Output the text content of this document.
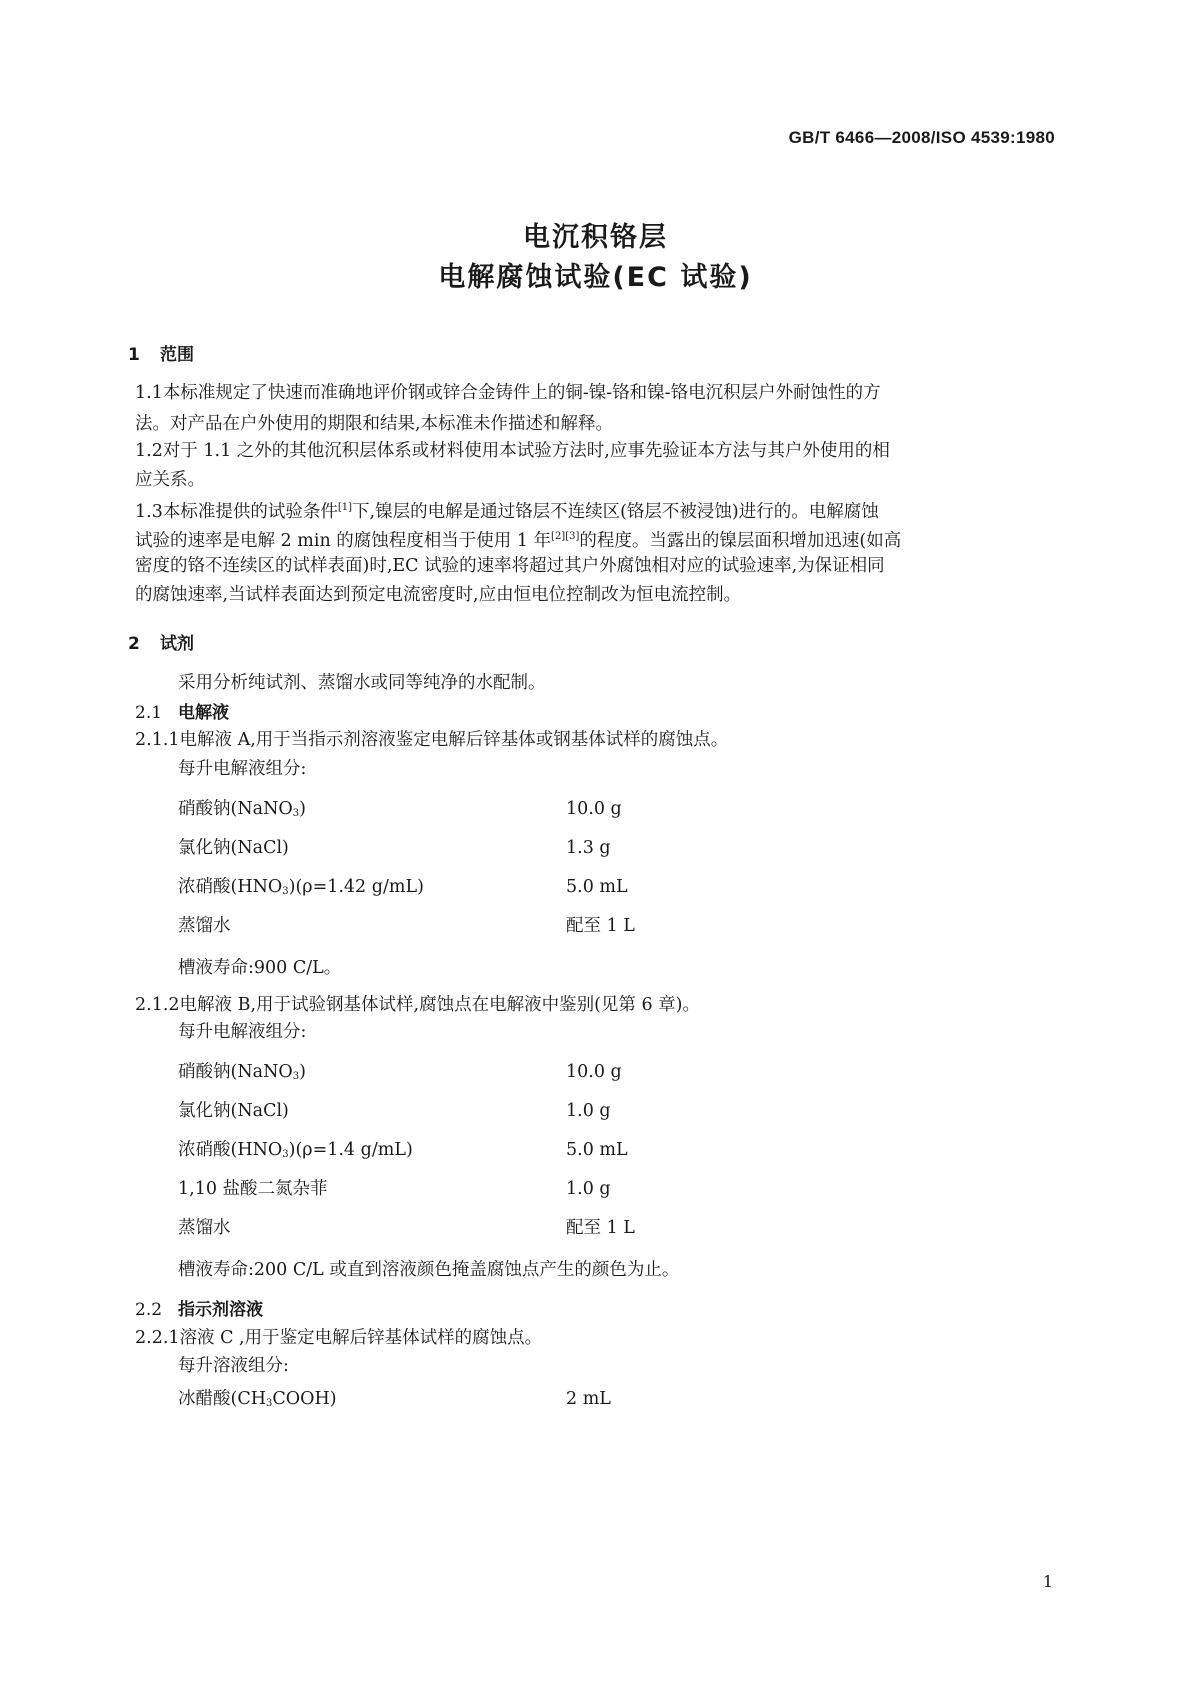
GB/T 6466—2008/ISO 4539:1980
电沉积铬层
电解腐蚀试验(EC 试验)
1 范围
1.1本标准规定了快速而准确地评价钢或锌合金铸件上的铜-镍-铬和镍-铬电沉积层户外耐蚀性的方
法。对产品在户外使用的期限和结果,本标准未作描述和解释。
1.2对于 1.1 之外的其他沉积层体系或材料使用本试验方法时,应事先验证本方法与其户外使用的相
应关系。
1.3本标准提供的试验条件[1]下,镍层的电解是通过铬层不连续区(铬层不被浸蚀)进行的。电解腐蚀
试验的速率是电解 2 min 的腐蚀程度相当于使用 1 年[2][3]的程度。当露出的镍层面积增加迅速(如高
密度的铬不连续区的试样表面)时,EC 试验的速率将超过其户外腐蚀相对应的试验速率,为保证相同
的腐蚀速率,当试样表面达到预定电流密度时,应由恒电位控制改为恒电流控制。
2 试剂
采用分析纯试剂、蒸馏水或同等纯净的水配制。
2.1 电解液
2.1.1电解液 A,用于当指示剂溶液鉴定电解后锌基体或钢基体试样的腐蚀点。
每升电解液组分:
硝酸钠(NaNO$_3$)	10.0 g
氯化钠(NaCl)	1.3 g
浓硝酸$(HNO_3)(\rho=1.42$ g/mL)	5.0 mL
蒸馏水	配至 1 L
槽液寿命:900 C/L。
2.1.2电解液 B,用于试验钢基体试样,腐蚀点在电解液中鉴别(见第 6 章)。
每升电解液组分:
硝酸钠(NaNO$_3$)	10.0 g
氯化钠(NaCl)	1.0 g
浓硝酸$(HNO_3)(\rho=1.4$ g/mL)	5.0 mL
1,10 盐酸二氮杂菲	1.0 g
蒸馏水	配至 1 L
槽液寿命:200 C/L 或直到溶液颜色掩盖腐蚀点产生的颜色为止。
2.2 指示剂溶液
2.2.1溶液 C ,用于鉴定电解后锌基体试样的腐蚀点。
每升溶液组分:
冰醋酸$(CH_3COOH)$	2 mL
1
